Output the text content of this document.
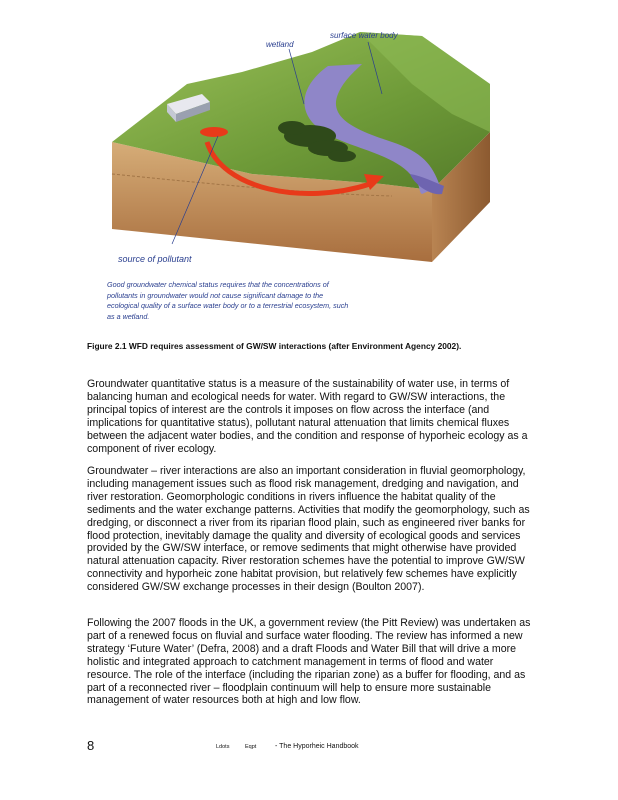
wetland
surface water body
source of pollutant
Good groundwater chemical status requires that the concentrations of pollutants in groundwater would not cause significant damage to the ecological quality of a surface water body or to a terrestrial ecosystem, such as a wetland.
Figure 2.1 WFD requires assessment of GW/SW interactions (after Environment Agency 2002).
Groundwater quantitative status is a measure of the sustainability of water use, in terms of balancing human and ecological needs for water. With regard to GW/SW interactions, the principal topics of interest are the controls it imposes on flow across the interface (and implications for quantitative status), pollutant natural attenuation that limits chemical fluxes between the adjacent water bodies, and the condition and response of hyporheic ecology as a component of river ecology.
Groundwater – river interactions are also an important consideration in fluvial geomorphology, including management issues such as flood risk management, dredging and navigation, and river restoration. Geomorphologic conditions in rivers influence the habitat quality of the sediments and the water exchange patterns. Activities that modify the geomorphology, such as dredging, or disconnect a river from its riparian flood plain, such as engineered river banks for flood protection, inevitably damage the quality and diversity of ecological goods and services provided by the GW/SW interface, or remove sediments that might otherwise have provided natural attenuation capacity. River restoration schemes have the potential to improve GW/SW connectivity and hyporheic zone habitat provision, but relatively few schemes have explicitly considered GW/SW exchange processes in their design (Boulton 2007).
Following the 2007 floods in the UK, a government review (the Pitt Review) was undertaken as part of a renewed focus on fluvial and surface water flooding. The review has informed a new strategy ‘Future Water’ (Defra, 2008) and a draft Floods and Water Bill that will drive a more holistic and integrated approach to catchment management in terms of flood and water resource. The role of the interface (including the riparian zone) as a buffer for flooding, and as part of a reconnected river – floodplain continuum will help to ensure more sustainable management of water resources both at high and low flow.
8	Ldots	Eqpt	- The Hyporheic Handbook
